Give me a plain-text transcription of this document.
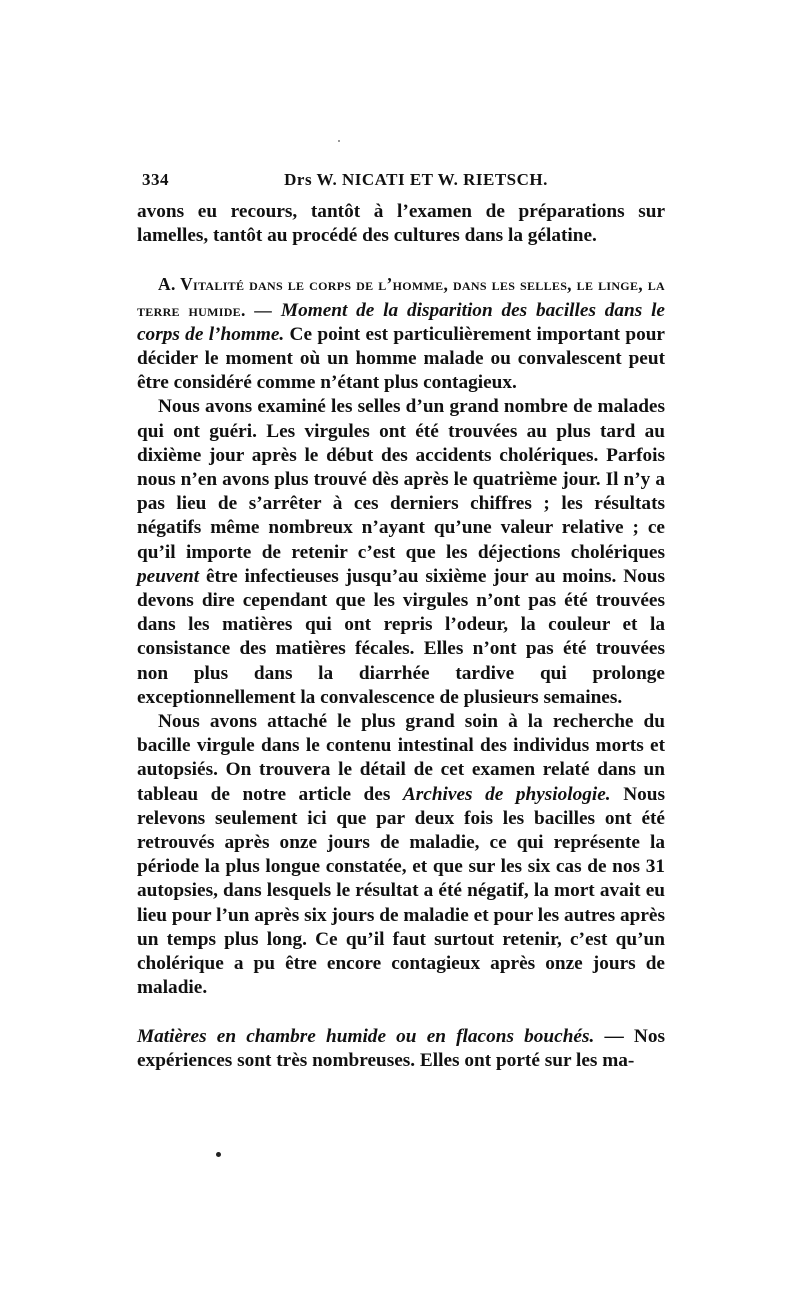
334	Drs W. NICATI ET W. RIETSCH.

avons eu recours, tantôt à l’examen de préparations sur lamelles, tantôt au procédé des cultures dans la gélatine.

A. Vitalité dans le corps de l’homme, dans les selles, le linge, la terre humide. — Moment de la disparition des bacilles dans le corps de l’homme. Ce point est particulièrement important pour décider le moment où un homme malade ou convalescent peut être considéré comme n’étant plus contagieux.

Nous avons examiné les selles d’un grand nombre de malades qui ont guéri. Les virgules ont été trouvées au plus tard au dixième jour après le début des accidents cholériques. Parfois nous n’en avons plus trouvé dès après le quatrième jour. Il n’y a pas lieu de s’arrêter à ces derniers chiffres ; les résultats négatifs même nombreux n’ayant qu’une valeur relative ; ce qu’il importe de retenir c’est que les déjections cholériques peuvent être infectieuses jusqu’au sixième jour au moins. Nous devons dire cependant que les virgules n’ont pas été trouvées dans les matières qui ont repris l’odeur, la couleur et la consistance des matières fécales. Elles n’ont pas été trouvées non plus dans la diarrhée tardive qui prolonge exceptionnellement la convalescence de plusieurs semaines.

Nous avons attaché le plus grand soin à la recherche du bacille virgule dans le contenu intestinal des individus morts et autopsiés. On trouvera le détail de cet examen relaté dans un tableau de notre article des Archives de physiologie. Nous relevons seulement ici que par deux fois les bacilles ont été retrouvés après onze jours de maladie, ce qui représente la période la plus longue constatée, et que sur les six cas de nos 31 autopsies, dans lesquels le résultat a été négatif, la mort avait eu lieu pour l’un après six jours de maladie et pour les autres après un temps plus long. Ce qu’il faut surtout retenir, c’est qu’un cholérique a pu être encore contagieux après onze jours de maladie.

Matières en chambre humide ou en flacons bouchés. — Nos expériences sont très nombreuses. Elles ont porté sur les ma-
